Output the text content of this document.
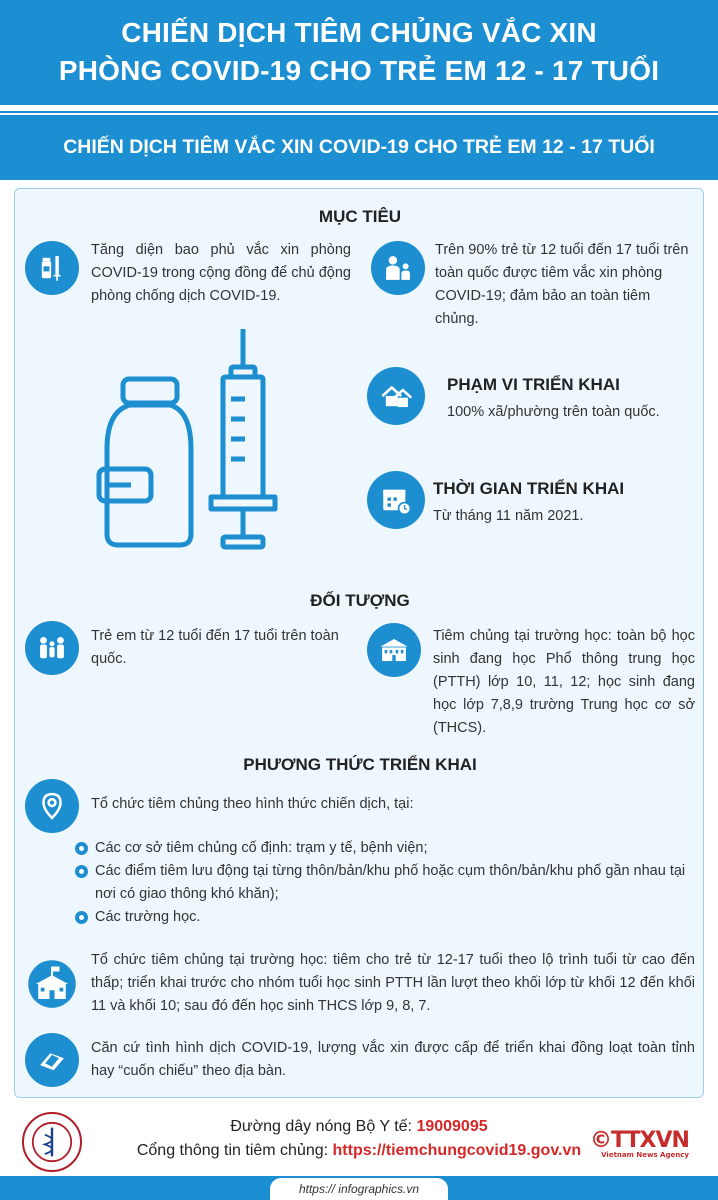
CHIẾN DỊCH TIÊM CHỦNG VẮC XIN
PHÒNG COVID-19 CHO TRẺ EM 12 - 17 TUỔI
CHIẾN DỊCH TIÊM VẮC XIN COVID-19 CHO TRẺ EM 12 - 17 TUỔI
MỤC TIÊU
Tăng diện bao phủ vắc xin phòng COVID-19 trong cộng đồng để chủ động phòng chống dịch COVID-19.
Trên 90% trẻ từ 12 tuổi đến 17 tuổi trên toàn quốc được tiêm vắc xin phòng COVID-19; đảm bảo an toàn tiêm chủng.
PHẠM VI TRIỂN KHAI
100% xã/phường trên toàn quốc.
THỜI GIAN TRIỂN KHAI
Từ tháng 11 năm 2021.
ĐỐI TƯỢNG
Trẻ em từ 12 tuổi đến 17 tuổi trên toàn quốc.
Tiêm chủng tại trường học: toàn bộ học sinh đang học Phổ thông trung học (PTTH) lớp 10, 11, 12; học sinh đang học lớp 7,8,9 trường Trung học cơ sở (THCS).
PHƯƠNG THỨC TRIỂN KHAI
Tổ chức tiêm chủng theo hình thức chiến dịch, tại:
Các cơ sở tiêm chủng cố định: trạm y tế, bệnh viện;
Các điểm tiêm lưu động tại từng thôn/bản/khu phố hoặc cụm thôn/bản/khu phố gần nhau tại nơi có giao thông khó khăn);
Các trường học.
Tổ chức tiêm chủng tại trường học: tiêm cho trẻ từ 12-17 tuổi theo lộ trình tuổi từ cao đến thấp; triển khai trước cho nhóm tuổi học sinh PTTH lần lượt theo khối lớp từ khối 12 đến khối 11 và khối 10; sau đó đến học sinh THCS lớp 9, 8, 7.
Căn cứ tình hình dịch COVID-19, lượng vắc xin được cấp để triển khai đồng loạt toàn tỉnh hay “cuốn chiếu” theo địa bàn.
Đường dây nóng Bộ Y tế: 19009095
Cổng thông tin tiêm chủng: https://tiemchungcovid19.gov.vn ©TTXVN
Vietnam News Agency
https:// infographics.vn
